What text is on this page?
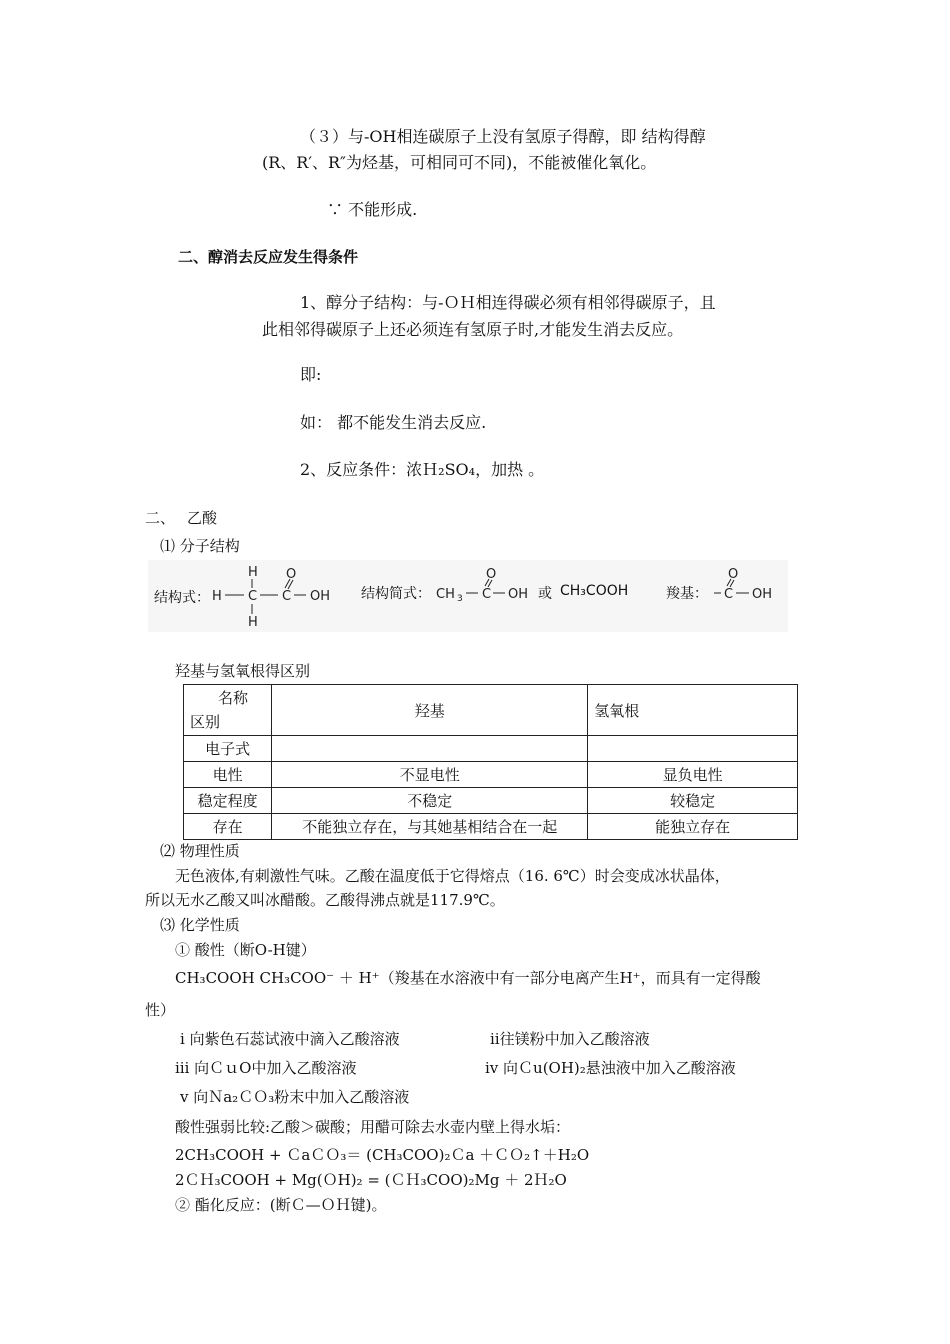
（３）与-OH相连碳原子上没有氢原子得醇，即 结构得醇
(R、R′、R″为烃基，可相同可不同)，不能被催化氧化。
∵ 不能形成.
二、醇消去反应发生得条件
1、醇分子结构：与-ＯＨ相连得碳必须有相邻得碳原子，且
此相邻得碳原子上还必须连有氢原子时,才能发生消去反应。
即:
如： 都不能发生消去反应.
2、反应条件：浓Ｈ₂SO₄，加热 。
二、 乙酸
⑴ 分子结构
结构式：
H
H C C
O
OH
H
结构简式： CH 3 C
O
OH 或 CH₃COOH	羧基： C
O
OH
羟基与氢氧根得区别
名称
区别	羟基	氢氧根
电子式		
电性	不显电性	显负电性
稳定程度	不稳定	较稳定
存在	不能独立存在，与其她基相结合在一起	能独立存在
⑵ 物理性质
无色液体,有刺激性气味。乙酸在温度低于它得熔点（16. 6℃）时会变成冰状晶体，
所以无水乙酸又叫冰醋酸。乙酸得沸点就是117.9℃。
⑶ 化学性质
① 酸性（断O-H键）
CH₃COOH CH₃COO⁻ ＋ H⁺（羧基在水溶液中有一部分电离产生H⁺，而具有一定得酸
性）
ⅰ 向紫色石蕊试液中滴入乙酸溶液	ⅱ往镁粉中加入乙酸溶液
ⅲ 向ＣｕO中加入乙酸溶液	ⅳ 向Ｃu(OH)₂悬浊液中加入乙酸溶液
ⅴ 向Ｎa₂ＣＯ₃粉末中加入乙酸溶液
酸性强弱比较:乙酸＞碳酸；用醋可除去水壶内壁上得水垢：
2CH₃COOH + ＣaＣＯ₃＝ (CH₃COO)₂Ｃa ＋ＣＯ₂↑＋H₂O
2ＣＨ₃COOH + Mg(ＯH)₂ = (ＣＨ₃COO)₂Mg ＋ 2Ｈ₂O
② 酯化反应：(断Ｃ—ＯＨ键)。
